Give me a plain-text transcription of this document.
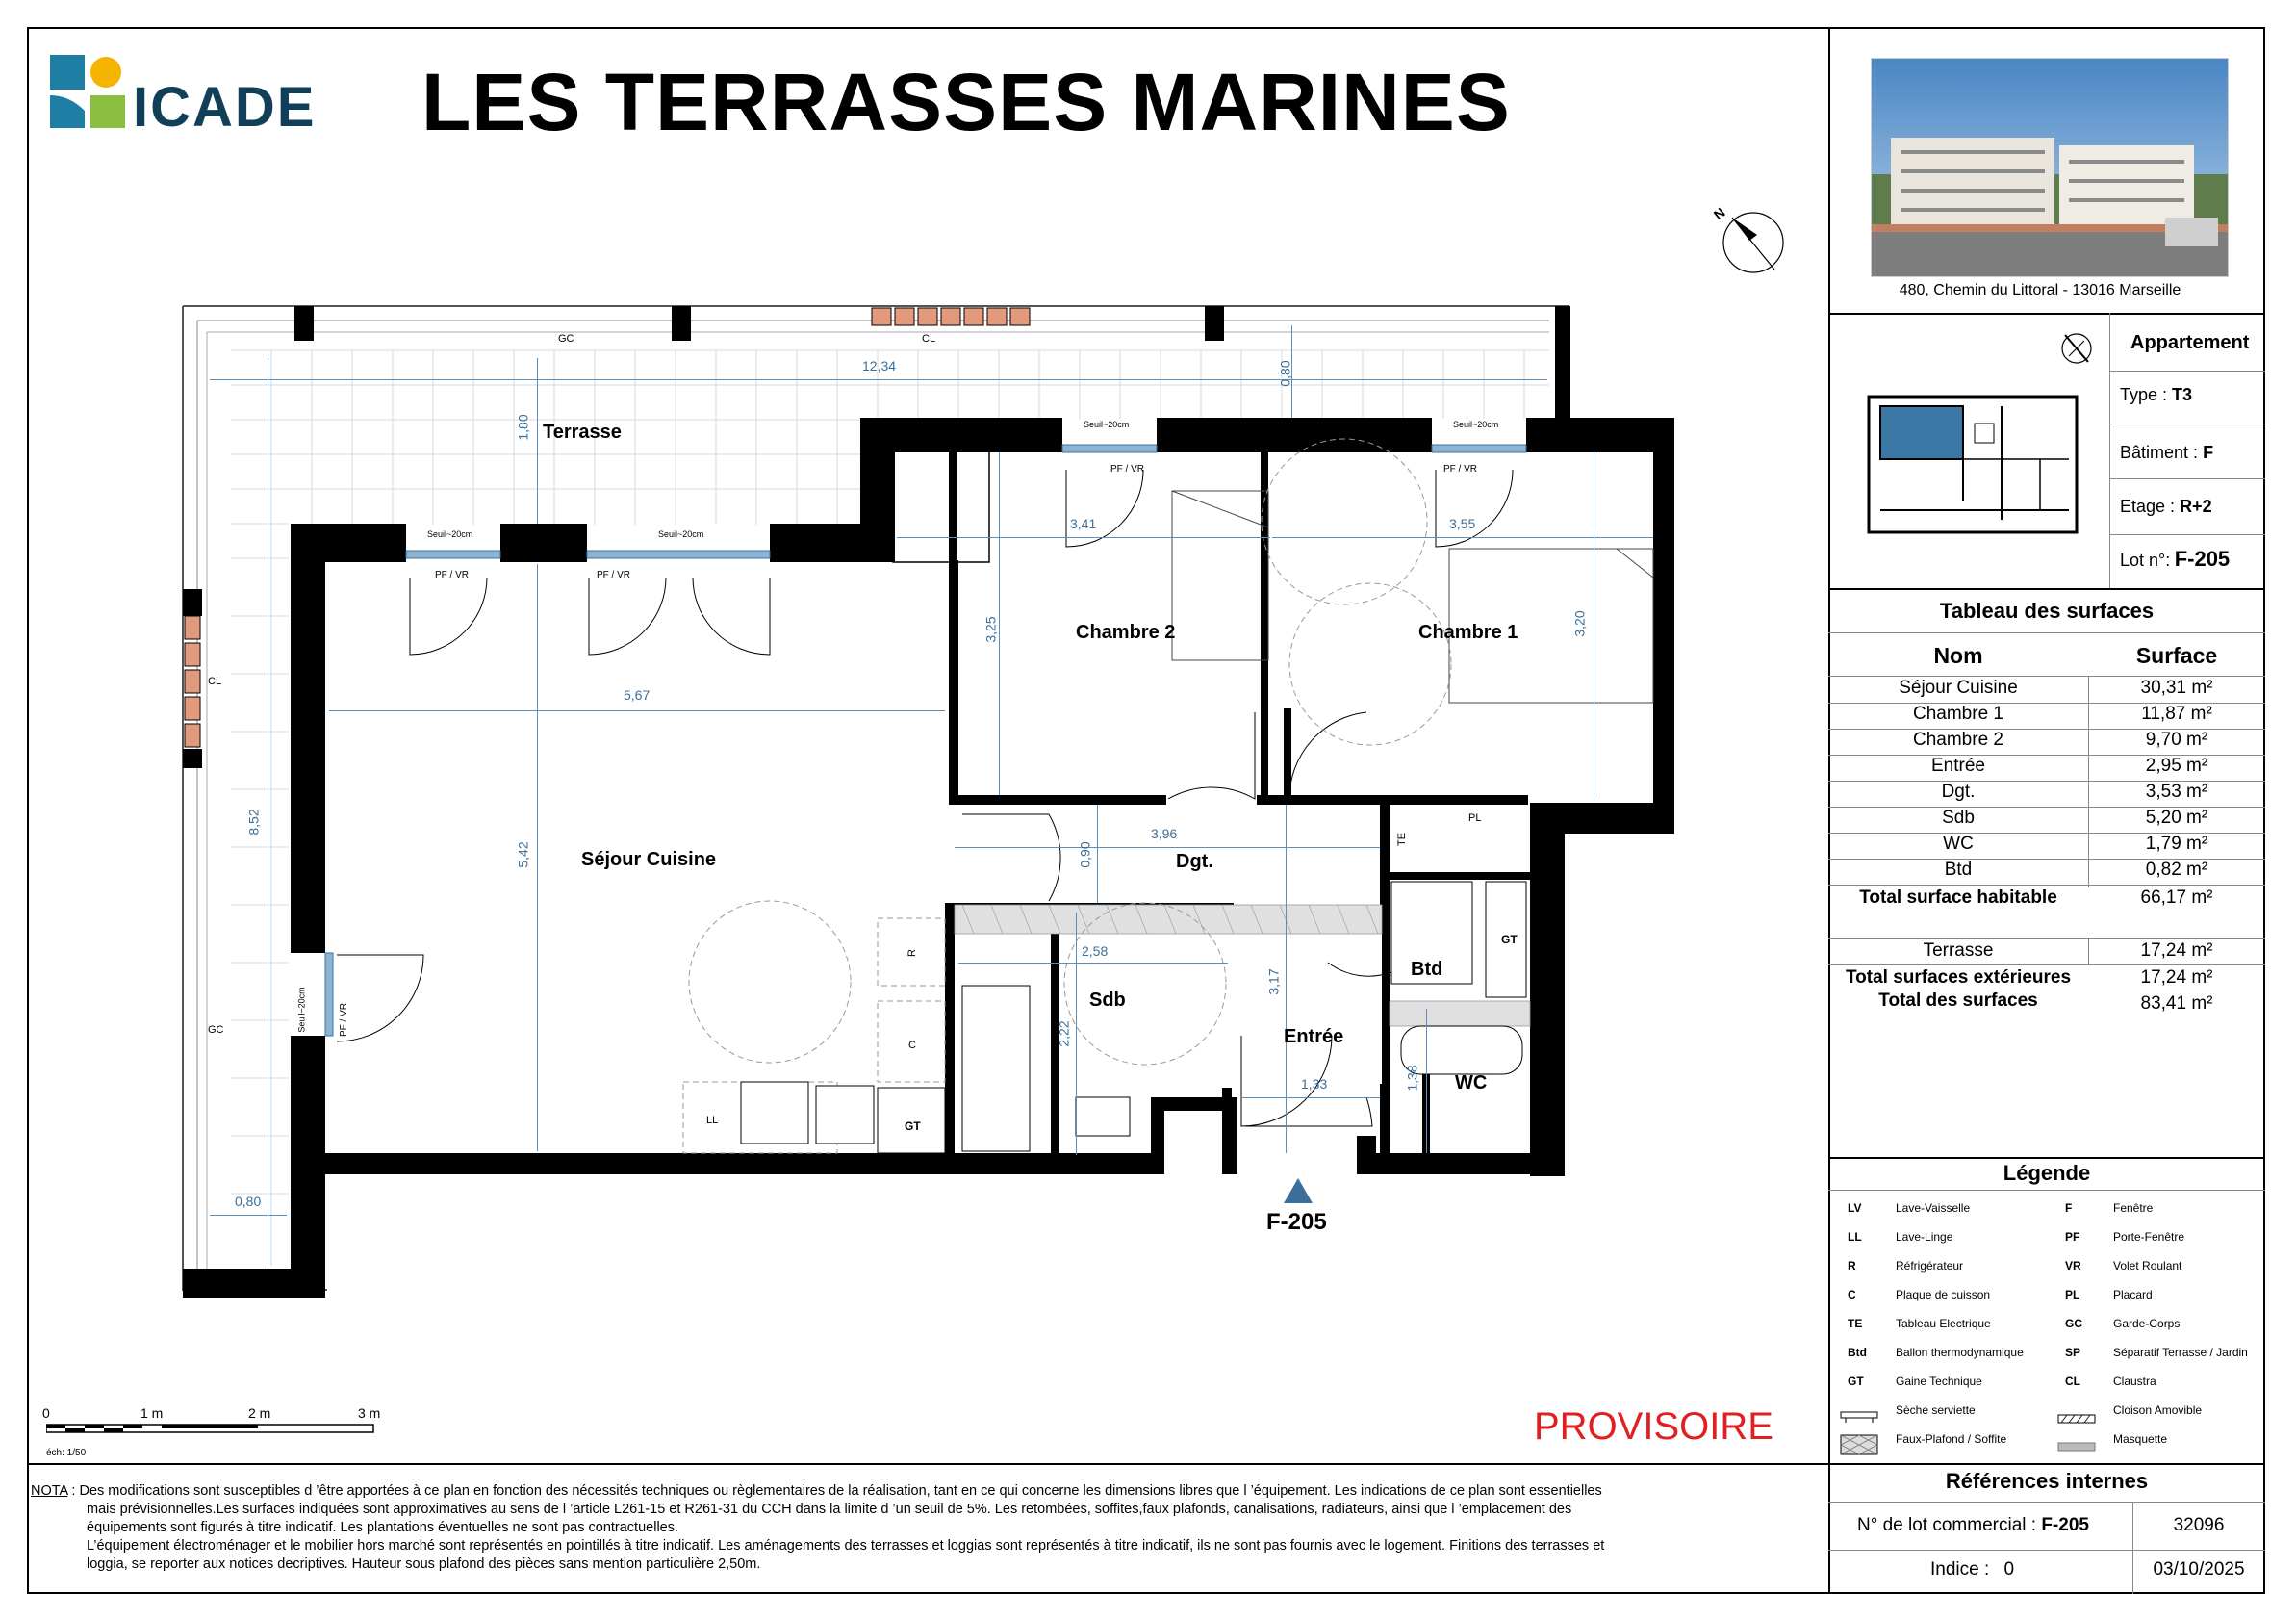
ICADE LES TERRASSES MARINES
480, Chemin du Littoral - 13016 Marseille
Appartement
Type : T3
Bâtiment : F
Etage : R+2
Lot n°: F-205
Tableau des surfaces
Nom	Surface
Séjour Cuisine	30,31 m²
Chambre 1	11,87 m²
Chambre 2	9,70 m²
Entrée	2,95 m²
Dgt.	3,53 m²
Sdb	5,20 m²
WC	1,79 m²
Btd	0,82 m²
Total surface habitable	66,17 m²
Terrasse	17,24 m²
Total surfaces extérieures	17,24 m²
Total des surfaces	83,41 m²
Légende
LV	Lave-Vaisselle
LL	Lave-Linge
R	Réfrigérateur
C	Plaque de cuisson
TE	Tableau Electrique
Btd	Ballon thermodynamique
GT	Gaine Technique
Sèche serviette
Faux-Plafond / Soffite
F	Fenêtre
PF	Porte-Fenêtre
VR	Volet Roulant
PL	Placard
GC	Garde-Corps
SP	Séparatif Terrasse / Jardin
CL	Claustra
Cloison Amovible
Masquette
Références internes
N° de lot commercial : F-205	32096
Indice : 0	03/10/2025
NOTA : Des modifications sont susceptibles d ’être apportées à ce plan en fonction des nécessités techniques ou règlementaires de la réalisation, tant en ce qui concerne les dimensions libres que l ’équipement. Les indications de ce plan sont essentielles
mais prévisionnelles.Les surfaces indiquées sont approximatives au sens de l ’article L261-15 et R261-31 du CCH dans la limite d ’un seuil de 5%. Les retombées, soffites,faux plafonds, canalisations, radiateurs, ainsi que l ’emplacement des
équipements sont figurés à titre indicatif. Les plantations éventuelles ne sont pas contractuelles.
L’équipement électroménager et le mobilier hors marché sont représentés en pointillés à titre indicatif. Les aménagements des terrasses et loggias sont représentés à titre indicatif, ils ne sont pas fournis avec le logement. Finitions des terrasses et
loggia, se reporter aux notices decriptives. Hauteur sous plafond des pièces sans mention particulière 2,50m.
PROVISOIRE
0	1 m	2 m	3 m
éch: 1/50
N
GT
GT
12,34	0,80
1,80
3,41	3,55
3,25	3,20
5,67
8,52
5,42
3,96
0,90
2,58
2,22
3,17
1,33	1,38
0,80
Terrasse
Chambre 2	Chambre 1
Séjour Cuisine	Dgt.
Sdb
Btd
Entrée
WC
GC	CL
CL
GC
Seuil~20cm	Seuil~20cm
Seuil~20cm	Seuil~20cm
PF / VR	PF / VR
PF / VR	PF / VR
Seuil~20cm	PF / VR
PL
PL
TE
R
LL
C
F-205
